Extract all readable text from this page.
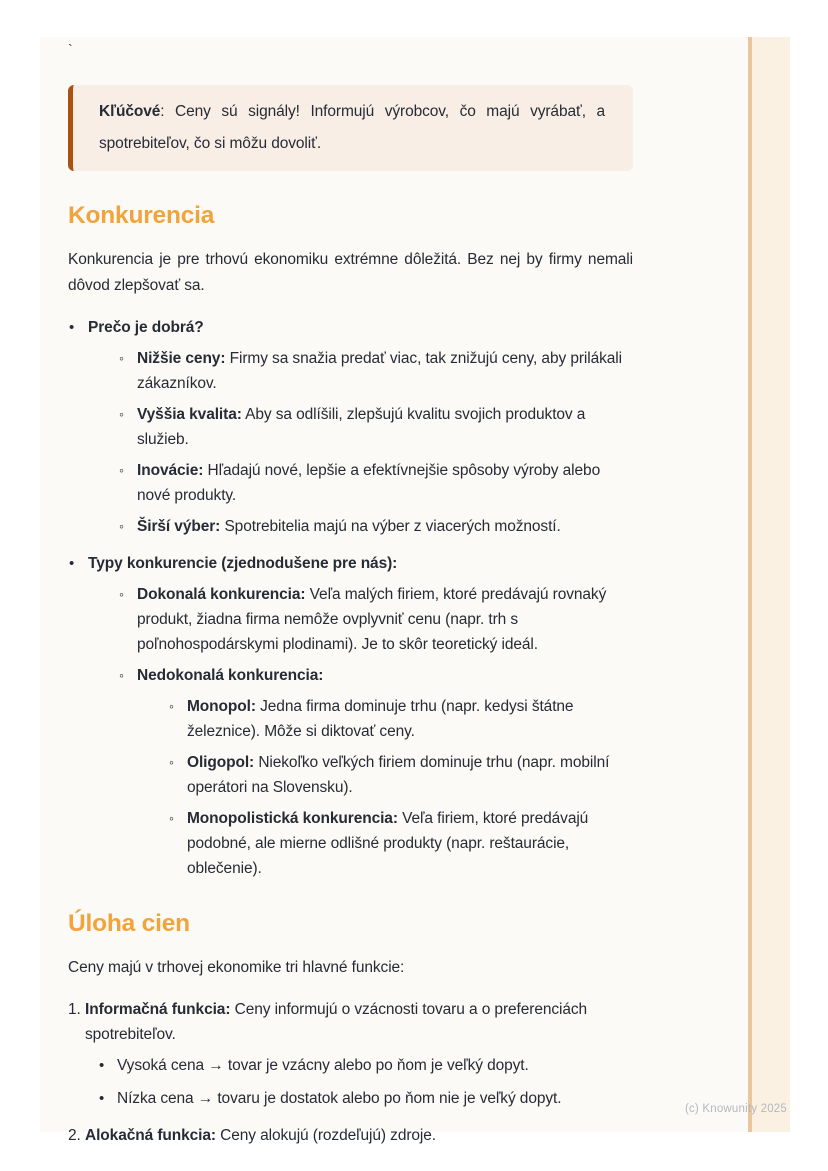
`
Kľúčové: Ceny sú signály! Informujú výrobcov, čo majú vyrábať, a spotrebiteľov, čo si môžu dovoliť.
Konkurencia

Konkurencia je pre trhovú ekonomiku extrémne dôležitá. Bez nej by firmy nemali dôvod zlepšovať sa.

• Prečo je dobrá?
◦ Nižšie ceny: Firmy sa snažia predať viac, tak znižujú ceny, aby prilákali zákazníkov.
◦ Vyššia kvalita: Aby sa odlíšili, zlepšujú kvalitu svojich produktov a služieb.
◦ Inovácie: Hľadajú nové, lepšie a efektívnejšie spôsoby výroby alebo nové produkty.
◦ Širší výber: Spotrebitelia majú na výber z viacerých možností.
• Typy konkurencie (zjednodušene pre nás):
◦ Dokonalá konkurencia: Veľa malých firiem, ktoré predávajú rovnaký produkt, žiadna firma nemôže ovplyvniť cenu (napr. trh s poľnohospodárskymi plodinami). Je to skôr teoretický ideál.
◦ Nedokonalá konkurencia:
◦ Monopol: Jedna firma dominuje trhu (napr. kedysi štátne železnice). Môže si diktovať ceny.
◦ Oligopol: Niekoľko veľkých firiem dominuje trhu (napr. mobilní operátori na Slovensku).
◦ Monopolistická konkurencia: Veľa firiem, ktoré predávajú podobné, ale mierne odlišné produkty (napr. reštaurácie, oblečenie).
Úloha cien

Ceny majú v trhovej ekonomike tri hlavné funkcie:

1. Informačná funkcia: Ceny informujú o vzácnosti tovaru a o preferenciách spotrebiteľov.
• Vysoká cena → tovar je vzácny alebo po ňom je veľký dopyt.
• Nízka cena → tovaru je dostatok alebo po ňom nie je veľký dopyt.
2. Alokačná funkcia: Ceny alokujú (rozdeľujú) zdroje.
(c) Knowunity 2025
